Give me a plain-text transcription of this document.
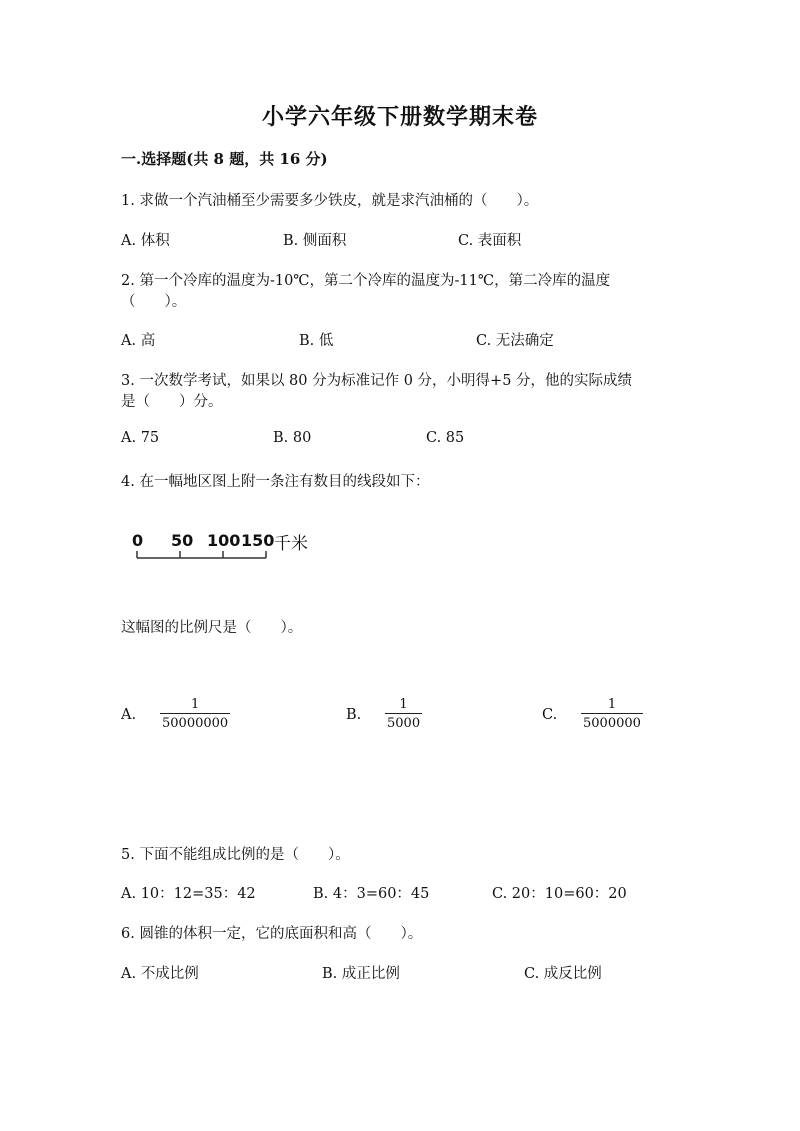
小学六年级下册数学期末卷
一.选择题(共 8 题，共 16 分)
1. 求做一个汽油桶至少需要多少铁皮，就是求汽油桶的（　　）。
A. 体积	B. 侧面积	C. 表面积
2. 第一个冷库的温度为-10℃，第二个冷库的温度为-11℃，第二冷库的温度
（　　）。
A. 高	B. 低	C. 无法确定
3. 一次数学考试，如果以 80 分为标准记作 0 分，小明得+5 分，他的实际成绩
是（　　）分。
A. 75	B. 80	C. 85
4. 在一幅地区图上附一条注有数目的线段如下：
0 50 100 150 千米
这幅图的比例尺是（　　）。
A. $\frac{1}{50000000}$	B. $\frac{1}{5000}$	C. $\frac{1}{5000000}$
5. 下面不能组成比例的是（　　）。
A. 10：12=35：42	B. 4：3=60：45	C. 20：10=60：20
6. 圆锥的体积一定，它的底面积和高（　　）。
A. 不成比例	B. 成正比例	C. 成反比例
